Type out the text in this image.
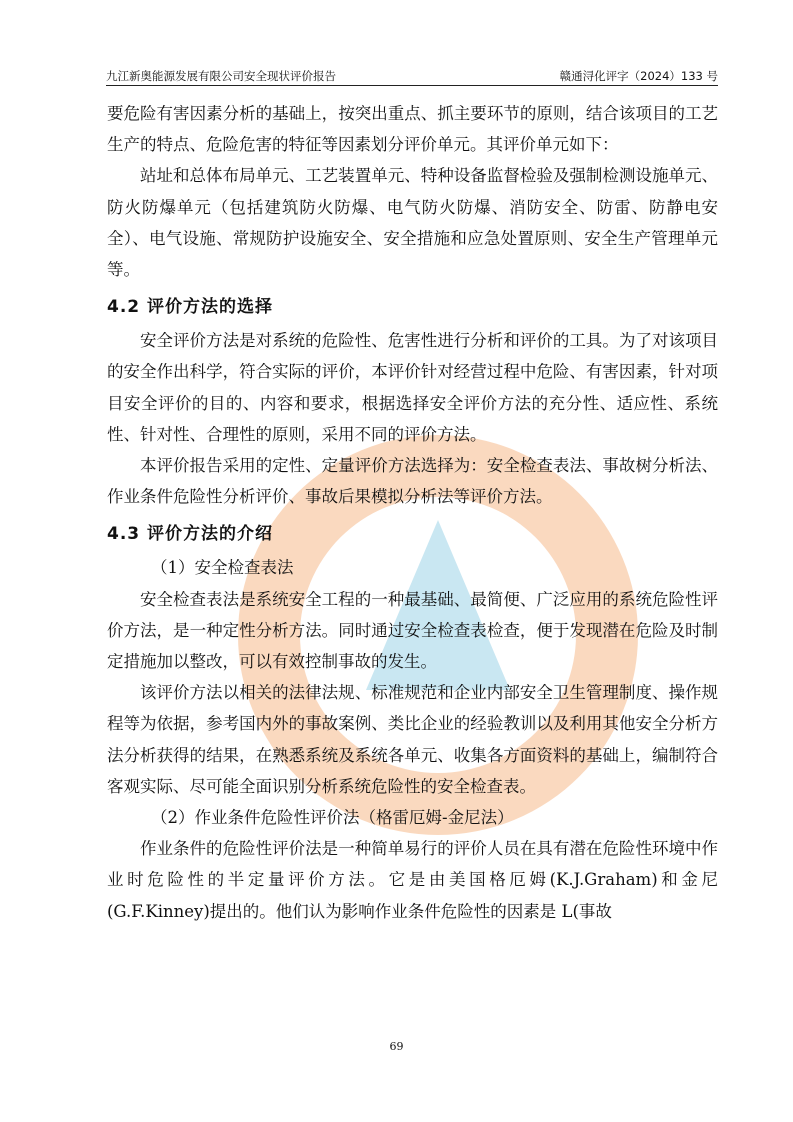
九江新奥能源发展有限公司安全现状评价报告	赣通浔化评字（2024）133 号

要危险有害因素分析的基础上，按突出重点、抓主要环节的原则，结合该项目的工艺生产的特点、危险危害的特征等因素划分评价单元。其评价单元如下：

站址和总体布局单元、工艺装置单元、特种设备监督检验及强制检测设施单元、防火防爆单元（包括建筑防火防爆、电气防火防爆、消防安全、防雷、防静电安全）、电气设施、常规防护设施安全、安全措施和应急处置原则、安全生产管理单元等。

4.2 评价方法的选择

安全评价方法是对系统的危险性、危害性进行分析和评价的工具。为了对该项目的安全作出科学，符合实际的评价，本评价针对经营过程中危险、有害因素，针对项目安全评价的目的、内容和要求，根据选择安全评价方法的充分性、适应性、系统性、针对性、合理性的原则，采用不同的评价方法。

本评价报告采用的定性、定量评价方法选择为：安全检查表法、事故树分析法、作业条件危险性分析评价、事故后果模拟分析法等评价方法。

4.3 评价方法的介绍

（1）安全检查表法

安全检查表法是系统安全工程的一种最基础、最简便、广泛应用的系统危险性评价方法，是一种定性分析方法。同时通过安全检查表检查，便于发现潜在危险及时制定措施加以整改，可以有效控制事故的发生。

该评价方法以相关的法律法规、标准规范和企业内部安全卫生管理制度、操作规程等为依据，参考国内外的事故案例、类比企业的经验教训以及利用其他安全分析方法分析获得的结果，在熟悉系统及系统各单元、收集各方面资料的基础上，编制符合客观实际、尽可能全面识别分析系统危险性的安全检查表。

（2）作业条件危险性评价法（格雷厄姆-金尼法）

作业条件的危险性评价法是一种简单易行的评价人员在具有潜在危险性环境中作业时危险性的半定量评价方法。它是由美国格厄姆(K.J.Graham)和金尼(G.F.Kinney)提出的。他们认为影响作业条件危险性的因素是 L(事故

69
